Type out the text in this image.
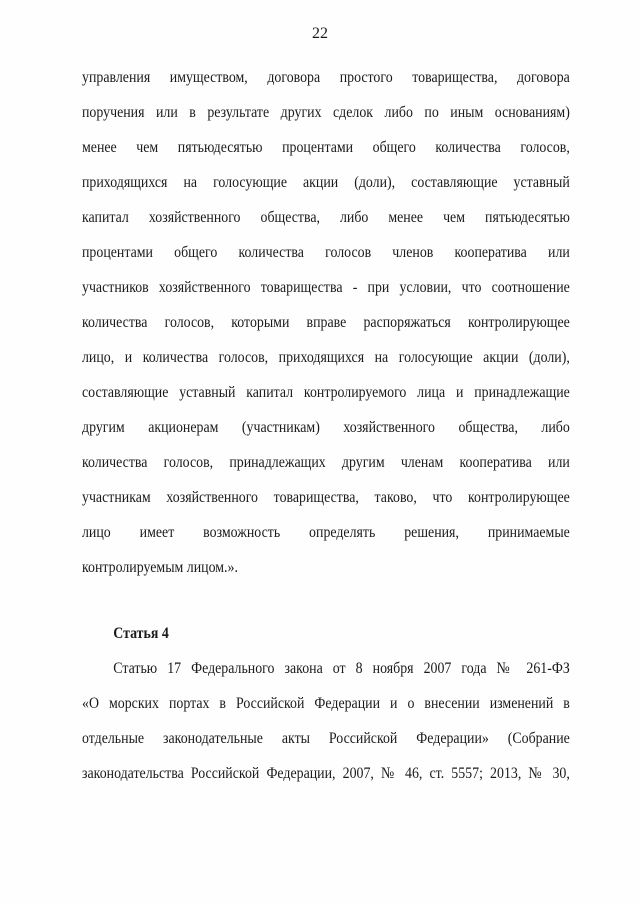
22
управления имуществом, договора простого товарищества, договора
поручения или в результате других сделок либо по иным основаниям)
менее чем пятьюдесятью процентами общего количества голосов,
приходящихся на голосующие акции (доли), составляющие уставный
капитал хозяйственного общества, либо менее чем пятьюдесятью
процентами общего количества голосов членов кооператива или
участников хозяйственного товарищества - при условии, что соотношение
количества голосов, которыми вправе распоряжаться контролирующее
лицо, и количества голосов, приходящихся на голосующие акции (доли),
составляющие уставный капитал контролируемого лица и принадлежащие
другим акционерам (участникам) хозяйственного общества, либо
количества голосов, принадлежащих другим членам кооператива или
участникам хозяйственного товарищества, таково, что контролирующее
лицо имеет возможность определять решения, принимаемые
контролируемым лицом.».
Статья 4
Статью 17 Федерального закона от 8 ноября 2007 года № 261-ФЗ
«О морских портах в Российской Федерации и о внесении изменений в
отдельные законодательные акты Российской Федерации» (Собрание
законодательства Российской Федерации, 2007, № 46, ст. 5557; 2013, № 30,
